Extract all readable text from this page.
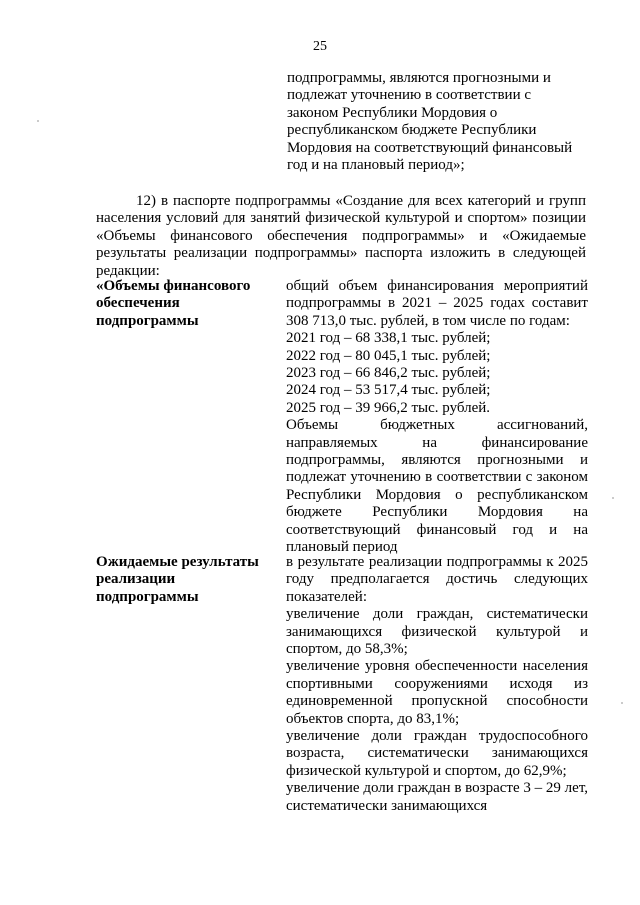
25
подпрограммы, являются прогнозными и
подлежат уточнению в соответствии с
законом Республики Мордовия о
республиканском бюджете Республики
Мордовия на соответствующий финансовый
год и на плановый период»;
12) в паспорте подпрограммы «Создание для всех категорий и групп населения условий для занятий физической культурой и спортом» позиции «Объемы финансового обеспечения подпрограммы» и «Ожидаемые результаты реализации подпрограммы» паспорта изложить в следующей редакции:
«Объемы финансового
обеспечения
подпрограммы
общий объем финансирования мероприятий подпрограммы в 2021 – 2025 годах составит 308 713,0 тыс. рублей, в том числе по годам:
2021 год – 68 338,1 тыс. рублей;
2022 год – 80 045,1 тыс. рублей;
2023 год – 66 846,2 тыс. рублей;
2024 год – 53 517,4 тыс. рублей;
2025 год – 39 966,2 тыс. рублей.
Объемы бюджетных ассигнований, направляемых на финансирование подпрограммы, являются прогнозными и подлежат уточнению в соответствии с законом Республики Мордовия о республиканском бюджете Республики Мордовия на соответствующий финансовый год и на плановый период
Ожидаемые результаты
реализации
подпрограммы
в результате реализации подпрограммы к 2025 году предполагается достичь следующих показателей:
увеличение доли граждан, систематически занимающихся физической культурой и спортом, до 58,3%;
увеличение уровня обеспеченности населения спортивными сооружениями исходя из единовременной пропускной способности объектов спорта, до 83,1%;
увеличение доли граждан трудоспособного возраста, систематически занимающихся физической культурой и спортом, до 62,9%;
увеличение доли граждан в возрасте 3 – 29 лет, систематически занимающихся
